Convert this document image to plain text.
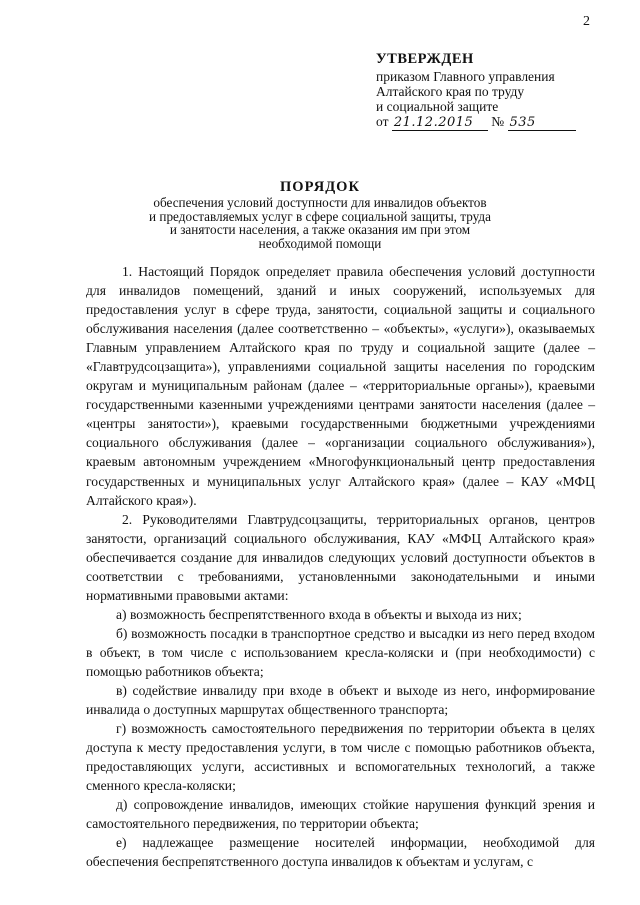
2
УТВЕРЖДЕН
приказом Главного управления
Алтайского края по труду
и социальной защите
от 21.12.2015 № 535
ПОРЯДОК
обеспечения условий доступности для инвалидов объектов
и предоставляемых услуг в сфере социальной защиты, труда
и занятости населения, а также оказания им при этом
необходимой помощи

1. Настоящий Порядок определяет правила обеспечения условий доступности для инвалидов помещений, зданий и иных сооружений, используемых для предоставления услуг в сфере труда, занятости, социальной защиты и социального обслуживания населения (далее соответственно – «объекты», «услуги»), оказываемых Главным управлением Алтайского края по труду и социальной защите (далее – «Главтрудсоцзащита»), управлениями социальной защиты населения по городским округам и муниципальным районам (далее – «территориальные органы»), краевыми государственными казенными учреждениями центрами занятости населения (далее – «центры занятости»), краевыми государственными бюджетными учреждениями социального обслуживания (далее – «организации социального обслуживания»), краевым автономным учреждением «Многофункциональный центр предоставления государственных и муниципальных услуг Алтайского края» (далее – КАУ «МФЦ Алтайского края»).

2. Руководителями Главтрудсоцзащиты, территориальных органов, центров занятости, организаций социального обслуживания, КАУ «МФЦ Алтайского края» обеспечивается создание для инвалидов следующих условий доступности объектов в соответствии с требованиями, установленными законодательными и иными нормативными правовыми актами:

а) возможность беспрепятственного входа в объекты и выхода из них;

б) возможность посадки в транспортное средство и высадки из него перед входом в объект, в том числе с использованием кресла-коляски и (при необходимости) с помощью работников объекта;

в) содействие инвалиду при входе в объект и выходе из него, информирование инвалида о доступных маршрутах общественного транспорта;

г) возможность самостоятельного передвижения по территории объекта в целях доступа к месту предоставления услуги, в том числе с помощью работников объекта, предоставляющих услуги, ассистивных и вспомогательных технологий, а также сменного кресла-коляски;

д) сопровождение инвалидов, имеющих стойкие нарушения функций зрения и самостоятельного передвижения, по территории объекта;

е) надлежащее размещение носителей информации, необходимой для обеспечения беспрепятственного доступа инвалидов к объектам и услугам, с
